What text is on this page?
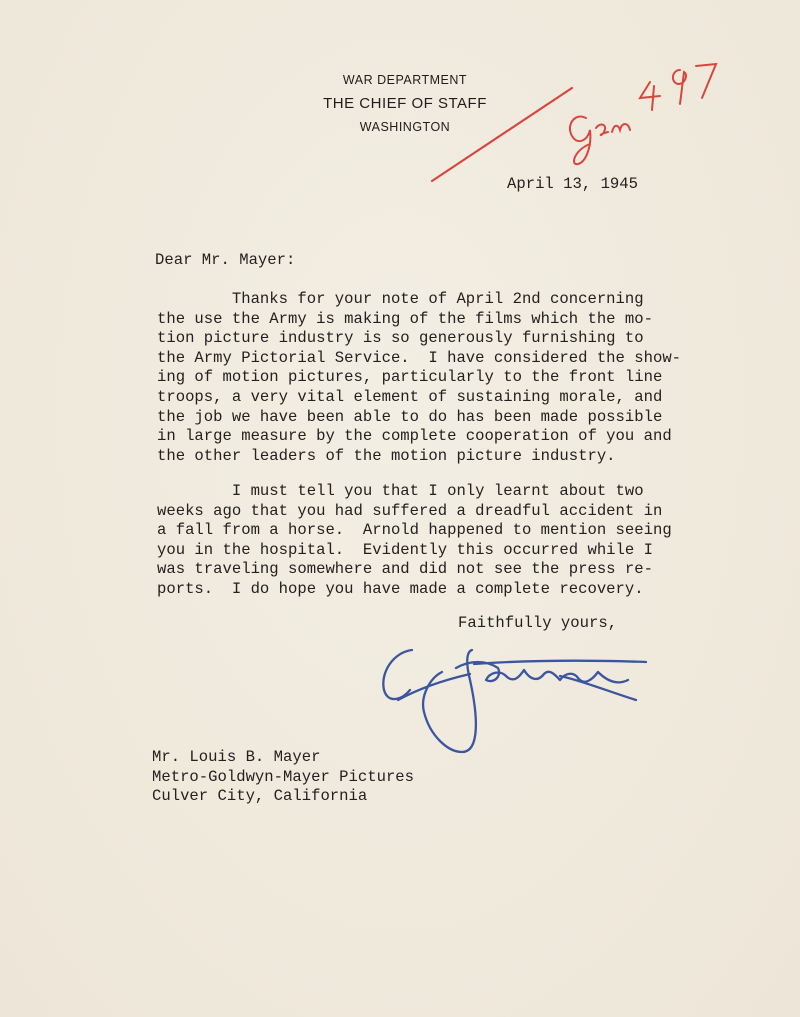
WAR DEPARTMENT
THE CHIEF OF STAFF
WASHINGTON
April 13, 1945
Dear Mr. Mayer:
Thanks for your note of April 2nd concerning
the use the Army is making of the films which the mo-
tion picture industry is so generously furnishing to
the Army Pictorial Service.  I have considered the show-
ing of motion pictures, particularly to the front line
troops, a very vital element of sustaining morale, and
the job we have been able to do has been made possible
in large measure by the complete cooperation of you and
the other leaders of the motion picture industry.
I must tell you that I only learnt about two
weeks ago that you had suffered a dreadful accident in
a fall from a horse.  Arnold happened to mention seeing
you in the hospital.  Evidently this occurred while I
was traveling somewhere and did not see the press re-
ports.  I do hope you have made a complete recovery.
Faithfully yours,
Mr. Louis B. Mayer
Metro-Goldwyn-Mayer Pictures
Culver City, California
